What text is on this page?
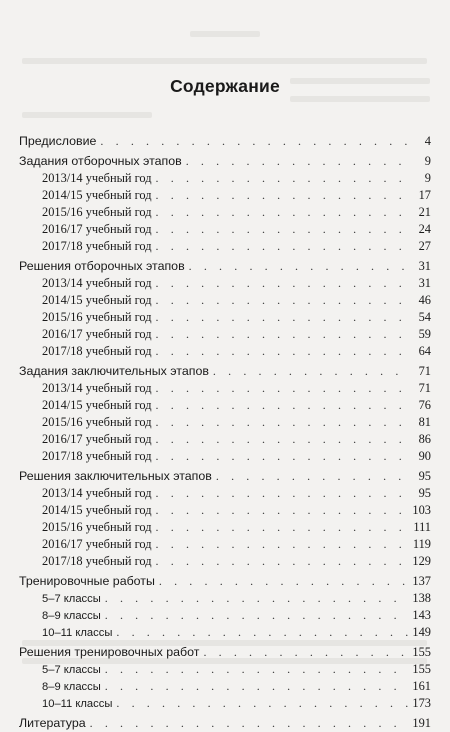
Содержание
Предисловие . . .	4
Задания отборочных этапов . . .	9
2013/14 учебный год . . .	9
2014/15 учебный год . . .	17
2015/16 учебный год . . .	21
2016/17 учебный год . . .	24
2017/18 учебный год . . .	27
Решения отборочных этапов . . .	31
2013/14 учебный год . . .	31
2014/15 учебный год . . .	46
2015/16 учебный год . . .	54
2016/17 учебный год . . .	59
2017/18 учебный год . . .	64
Задания заключительных этапов . . .	71
2013/14 учебный год . . .	71
2014/15 учебный год . . .	76
2015/16 учебный год . . .	81
2016/17 учебный год . . .	86
2017/18 учебный год . . .	90
Решения заключительных этапов . . .	95
2013/14 учебный год . . .	95
2014/15 учебный год . . .	103
2015/16 учебный год . . .	111
2016/17 учебный год . . .	119
2017/18 учебный год . . .	129
Тренировочные работы . . .	137
5–7 классы . . .	138
8–9 классы . . .	143
10–11 классы . . .	149
Решения тренировочных работ . . .	155
5–7 классы . . .	155
8–9 классы . . .	161
10–11 классы . . .	173
Литература . . .	191
